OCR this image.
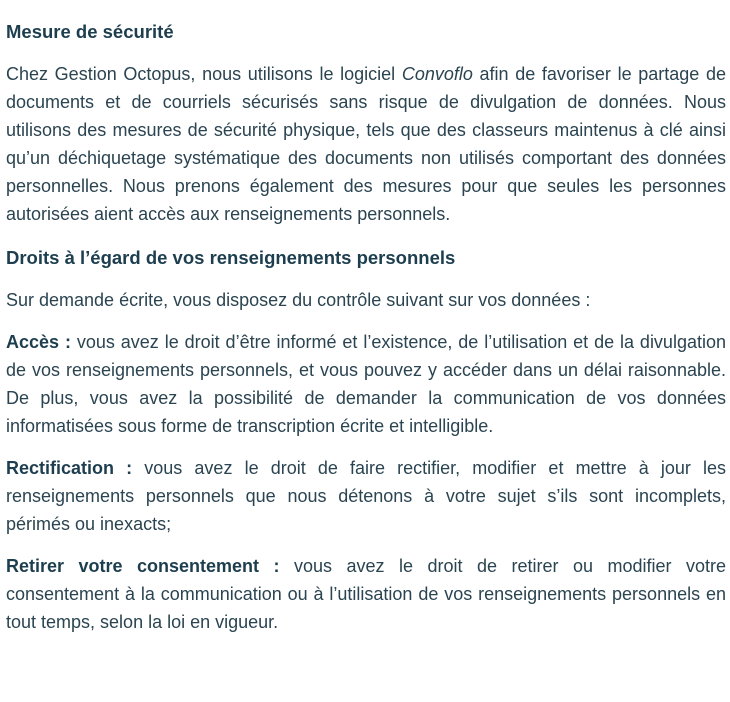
Mesure de sécurité

Chez Gestion Octopus, nous utilisons le logiciel Convoflo afin de favoriser le partage de documents et de courriels sécurisés sans risque de divulgation de données. Nous utilisons des mesures de sécurité physique, tels que des classeurs maintenus à clé ainsi qu’un déchiquetage systématique des documents non utilisés comportant des données personnelles. Nous prenons également des mesures pour que seules les personnes autorisées aient accès aux renseignements personnels.

Droits à l’égard de vos renseignements personnels

Sur demande écrite, vous disposez du contrôle suivant sur vos données :

Accès : vous avez le droit d’être informé et l’existence, de l’utilisation et de la divulgation de vos renseignements personnels, et vous pouvez y accéder dans un délai raisonnable. De plus, vous avez la possibilité de demander la communication de vos données informatisées sous forme de transcription écrite et intelligible.

Rectification : vous avez le droit de faire rectifier, modifier et mettre à jour les renseignements personnels que nous détenons à votre sujet s’ils sont incomplets, périmés ou inexacts;

Retirer votre consentement : vous avez le droit de retirer ou modifier votre consentement à la communication ou à l’utilisation de vos renseignements personnels en tout temps, selon la loi en vigueur.
